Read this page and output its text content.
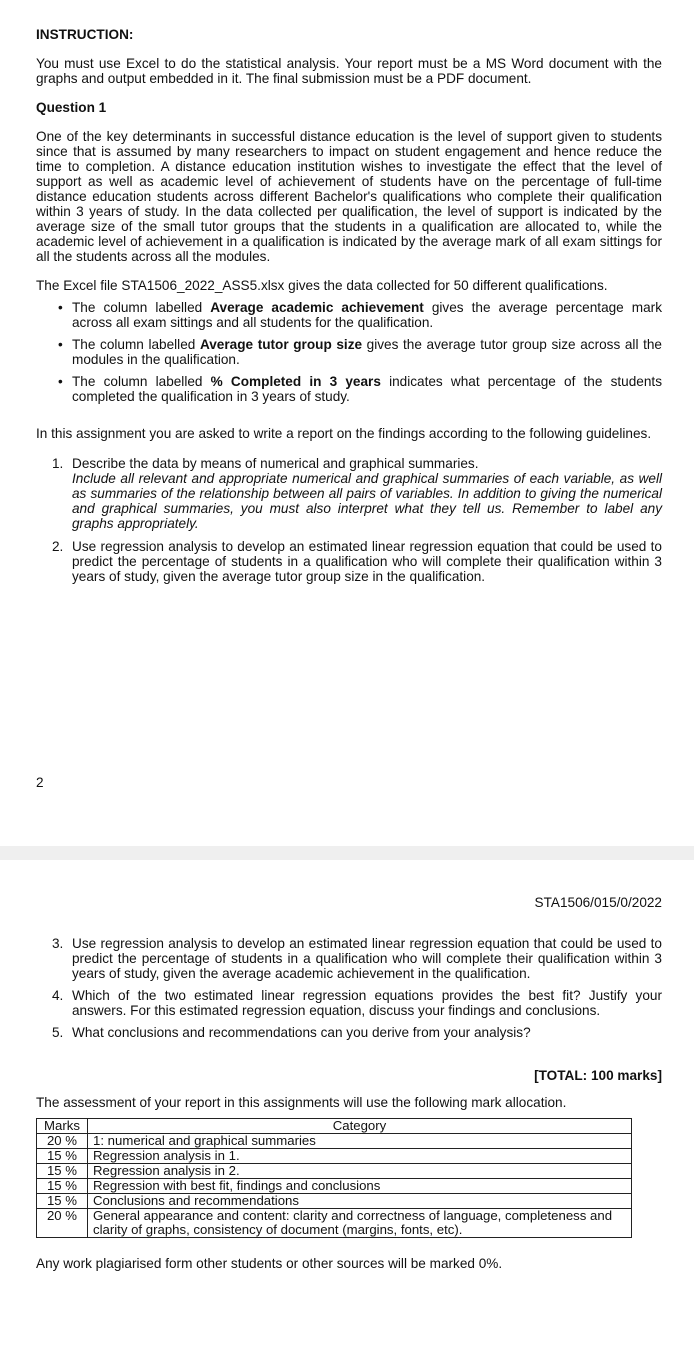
INSTRUCTION:

You must use Excel to do the statistical analysis. Your report must be a MS Word document with the graphs and output embedded in it. The final submission must be a PDF document.

Question 1

One of the key determinants in successful distance education is the level of support given to students since that is assumed by many researchers to impact on student engagement and hence reduce the time to completion. A distance education institution wishes to investigate the effect that the level of support as well as academic level of achievement of students have on the percentage of full-time distance education students across different Bachelor's qualifications who complete their qualification within 3 years of study. In the data collected per qualification, the level of support is indicated by the average size of the small tutor groups that the students in a qualification are allocated to, while the academic level of achievement in a qualification is indicated by the average mark of all exam sittings for all the students across all the modules.

The Excel file STA1506_2022_ASS5.xlsx gives the data collected for 50 different qualifications.

• The column labelled Average academic achievement gives the average percentage mark across all exam sittings and all students for the qualification.
• The column labelled Average tutor group size gives the average tutor group size across all the modules in the qualification.
• The column labelled % Completed in 3 years indicates what percentage of the students completed the qualification in 3 years of study.

In this assignment you are asked to write a report on the findings according to the following guidelines.

1. Describe the data by means of numerical and graphical summaries.
Include all relevant and appropriate numerical and graphical summaries of each variable, as well as summaries of the relationship between all pairs of variables. In addition to giving the numerical and graphical summaries, you must also interpret what they tell us. Remember to label any graphs appropriately.
2. Use regression analysis to develop an estimated linear regression equation that could be used to predict the percentage of students in a qualification who will complete their qualification within 3 years of study, given the average tutor group size in the qualification.
2
STA1506/015/0/2022
3. Use regression analysis to develop an estimated linear regression equation that could be used to predict the percentage of students in a qualification who will complete their qualification within 3 years of study, given the average academic achievement in the qualification.
4. Which of the two estimated linear regression equations provides the best fit? Justify your answers. For this estimated regression equation, discuss your findings and conclusions.
5. What conclusions and recommendations can you derive from your analysis?

[TOTAL: 100 marks]

The assessment of your report in this assignments will use the following mark allocation.

Marks	Category
20 %	1: numerical and graphical summaries
15 %	Regression analysis in 1.
15 %	Regression analysis in 2.
15 %	Regression with best fit, findings and conclusions
15 %	Conclusions and recommendations
20 %	General appearance and content: clarity and correctness of language, completeness and clarity of graphs, consistency of document (margins, fonts, etc).

Any work plagiarised form other students or other sources will be marked 0%.
